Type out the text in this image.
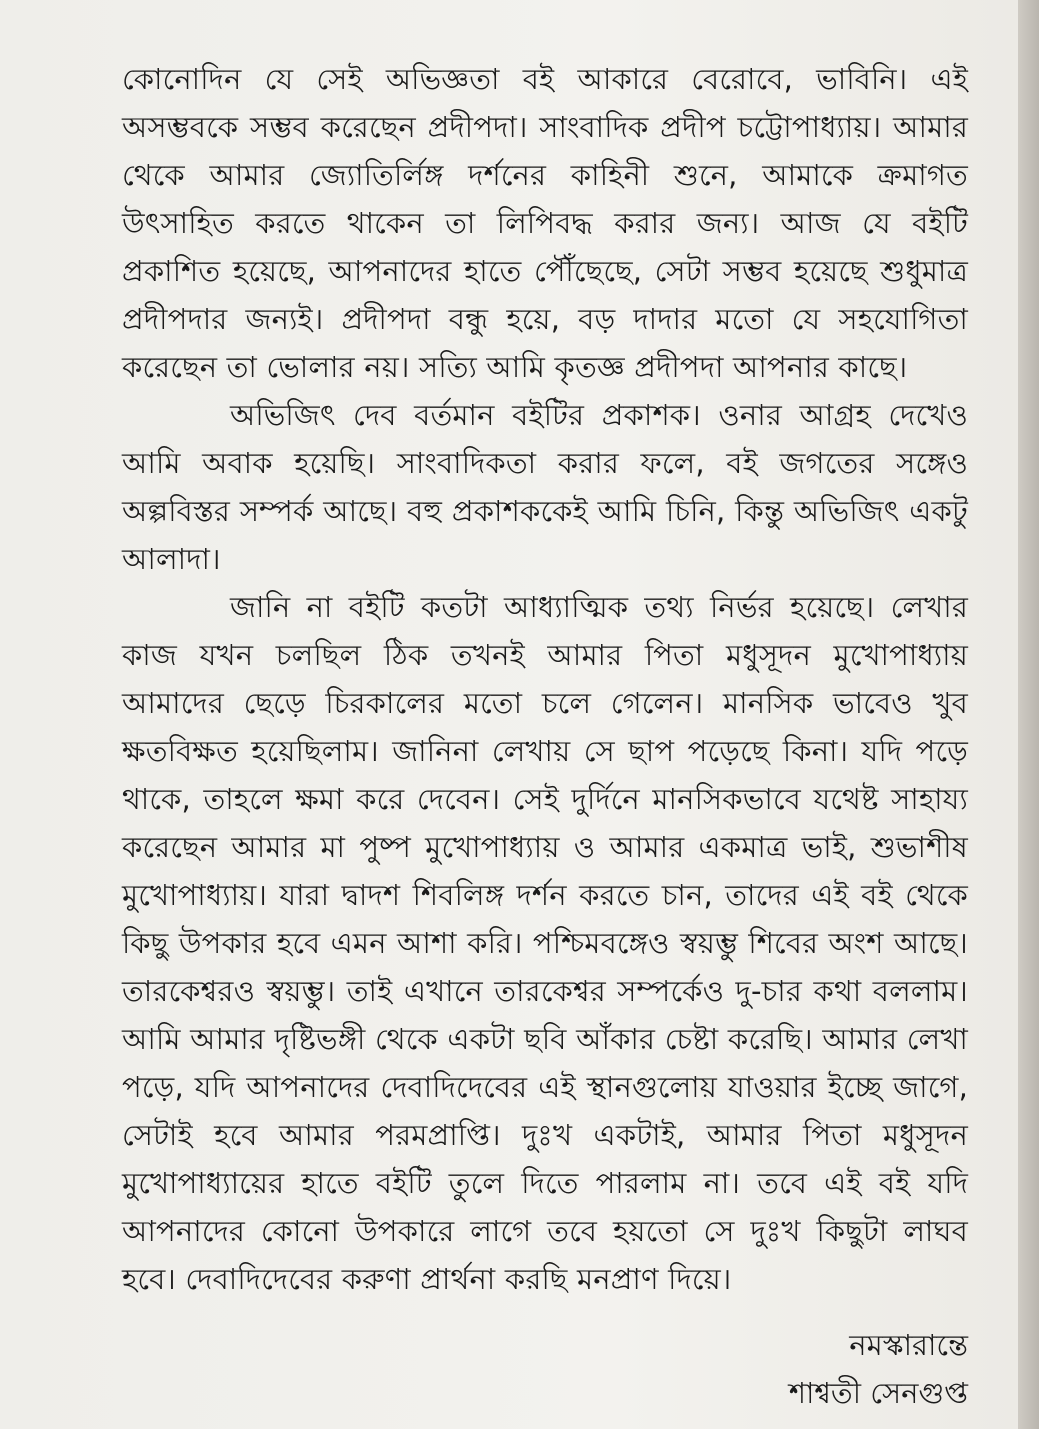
কোনোদিন যে সেই অভিজ্ঞতা বই আকারে বেরোবে, ভাবিনি। এই অসম্ভবকে সম্ভব করেছেন প্রদীপদা। সাংবাদিক প্রদীপ চট্টোপাধ্যায়। আমার থেকে আমার জ্যোতির্লিঙ্গ দর্শনের কাহিনী শুনে, আমাকে ক্রমাগত উৎসাহিত করতে থাকেন তা লিপিবদ্ধ করার জন্য। আজ যে বইটি প্রকাশিত হয়েছে, আপনাদের হাতে পৌঁছেছে, সেটা সম্ভব হয়েছে শুধুমাত্র প্রদীপদার জন্যই। প্রদীপদা বন্ধু হয়ে, বড় দাদার মতো যে সহযোগিতা করেছেন তা ভোলার নয়। সত্যি আমি কৃতজ্ঞ প্রদীপদা আপনার কাছে।

অভিজিৎ দেব বর্তমান বইটির প্রকাশক। ওনার আগ্রহ দেখেও আমি অবাক হয়েছি। সাংবাদিকতা করার ফলে, বই জগতের সঙ্গেও অল্পবিস্তর সম্পর্ক আছে। বহু প্রকাশককেই আমি চিনি, কিন্তু অভিজিৎ একটু আলাদা।

জানি না বইটি কতটা আধ্যাত্মিক তথ্য নির্ভর হয়েছে। লেখার কাজ যখন চলছিল ঠিক তখনই আমার পিতা মধুসূদন মুখোপাধ্যায় আমাদের ছেড়ে চিরকালের মতো চলে গেলেন। মানসিক ভাবেও খুব ক্ষতবিক্ষত হয়েছিলাম। জানিনা লেখায় সে ছাপ পড়েছে কিনা। যদি পড়ে থাকে, তাহলে ক্ষমা করে দেবেন। সেই দুর্দিনে মানসিকভাবে যথেষ্ট সাহায্য করেছেন আমার মা পুষ্প মুখোপাধ্যায় ও আমার একমাত্র ভাই, শুভাশীষ মুখোপাধ্যায়। যারা দ্বাদশ শিবলিঙ্গ দর্শন করতে চান, তাদের এই বই থেকে কিছু উপকার হবে এমন আশা করি। পশ্চিমবঙ্গেও স্বয়ম্ভু শিবের অংশ আছে। তারকেশ্বরও স্বয়ম্ভু। তাই এখানে তারকেশ্বর সম্পর্কেও দু-চার কথা বললাম। আমি আমার দৃষ্টিভঙ্গী থেকে একটা ছবি আঁকার চেষ্টা করেছি। আমার লেখা পড়ে, যদি আপনাদের দেবাদিদেবের এই স্থানগুলোয় যাওয়ার ইচ্ছে জাগে, সেটাই হবে আমার পরমপ্রাপ্তি। দুঃখ একটাই, আমার পিতা মধুসূদন মুখোপাধ্যায়ের হাতে বইটি তুলে দিতে পারলাম না। তবে এই বই যদি আপনাদের কোনো উপকারে লাগে তবে হয়তো সে দুঃখ কিছুটা লাঘব হবে। দেবাদিদেবের করুণা প্রার্থনা করছি মনপ্রাণ দিয়ে।

নমস্কারান্তে
শাশ্বতী সেনগুপ্ত
